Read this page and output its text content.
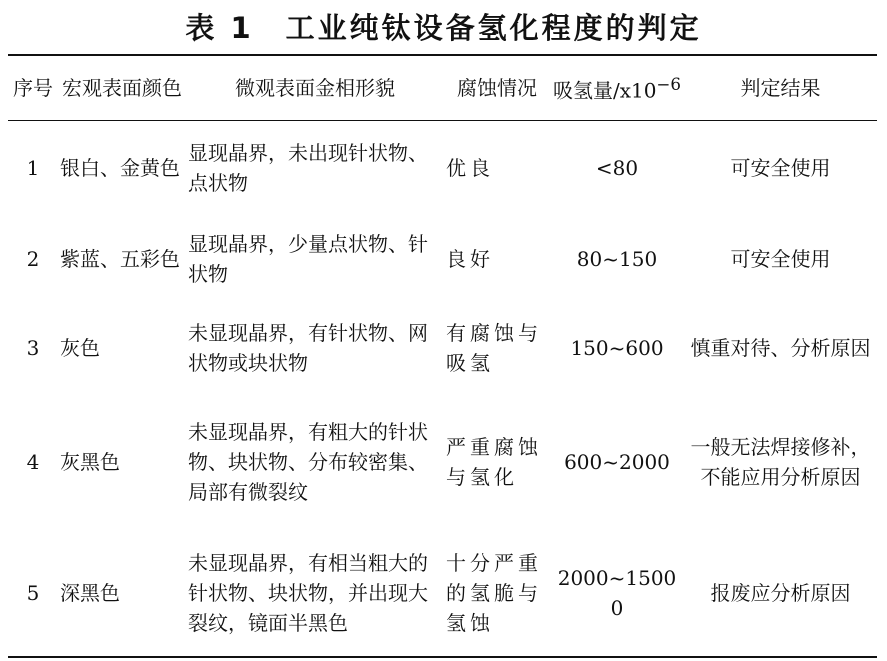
表 1　工业纯钛设备氢化程度的判定
序号	宏观表面颜色	微观表面金相形貌	腐蚀情况	吸氢量$/x10^{-6}$	判定结果
1	银白、金黄色	显现晶界，未出现针状物、点状物	优良	<80	可安全使用
2	紫蓝、五彩色	显现晶界，少量点状物、针状物	良好	80~150	可安全使用
3	灰色	未显现晶界，有针状物、网状物或块状物	有腐蚀与吸氢	150~600	慎重对待、分析原因
4	灰黑色	未显现晶界，有粗大的针状物、块状物、分布较密集、局部有微裂纹	严重腐蚀与氢化	600~2000	一般无法焊接修补，不能应用分析原因
5	深黑色	未显现晶界，有相当粗大的针状物、块状物，并出现大裂纹，镜面半黑色	十分严重的氢脆与氢蚀	2000~15000	报废应分析原因
